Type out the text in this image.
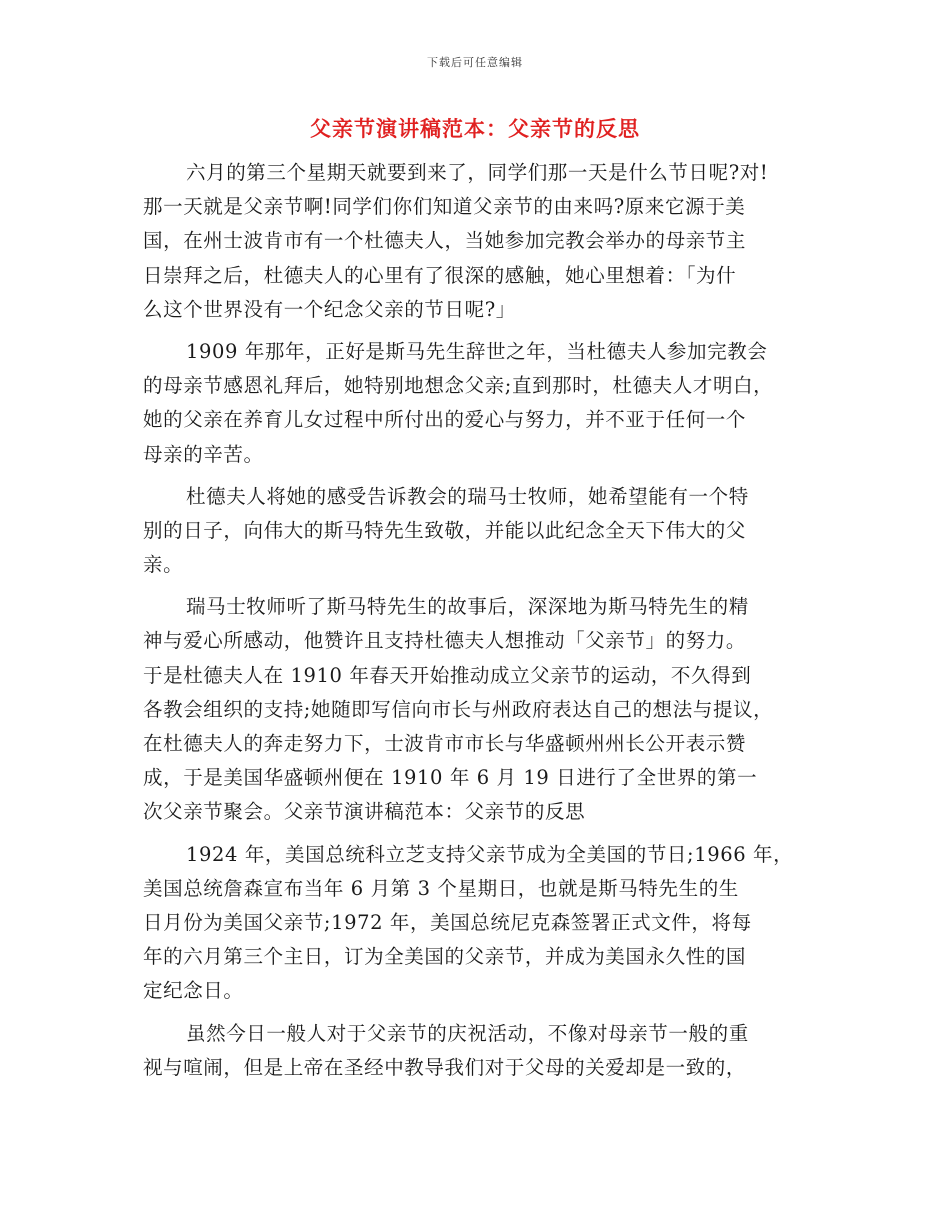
下载后可任意编辑
父亲节演讲稿范本：父亲节的反思
六月的第三个星期天就要到来了，同学们那一天是什么节日呢?对!
那一天就是父亲节啊!同学们你们知道父亲节的由来吗?原来它源于美
国，在州士波肯市有一个杜德夫人，当她参加完教会举办的母亲节主
日崇拜之后，杜德夫人的心里有了很深的感触，她心里想着：「为什
么这个世界没有一个纪念父亲的节日呢?」
1909 年那年，正好是斯马先生辞世之年，当杜德夫人参加完教会
的母亲节感恩礼拜后，她特别地想念父亲;直到那时，杜德夫人才明白，
她的父亲在养育儿女过程中所付出的爱心与努力，并不亚于任何一个
母亲的辛苦。
杜德夫人将她的感受告诉教会的瑞马士牧师，她希望能有一个特
别的日子，向伟大的斯马特先生致敬，并能以此纪念全天下伟大的父
亲。
瑞马士牧师听了斯马特先生的故事后，深深地为斯马特先生的精
神与爱心所感动，他赞许且支持杜德夫人想推动「父亲节」的努力。
于是杜德夫人在 1910 年春天开始推动成立父亲节的运动，不久得到
各教会组织的支持;她随即写信向市长与州政府表达自己的想法与提议，
在杜德夫人的奔走努力下，士波肯市市长与华盛顿州州长公开表示赞
成，于是美国华盛顿州便在 1910 年 6 月 19 日进行了全世界的第一
次父亲节聚会。父亲节演讲稿范本：父亲节的反思
1924 年，美国总统科立芝支持父亲节成为全美国的节日;1966 年，
美国总统詹森宣布当年 6 月第 3 个星期日，也就是斯马特先生的生
日月份为美国父亲节;1972 年，美国总统尼克森签署正式文件，将每
年的六月第三个主日，订为全美国的父亲节，并成为美国永久性的国
定纪念日。
虽然今日一般人对于父亲节的庆祝活动，不像对母亲节一般的重
视与喧闹，但是上帝在圣经中教导我们对于父母的关爱却是一致的，
